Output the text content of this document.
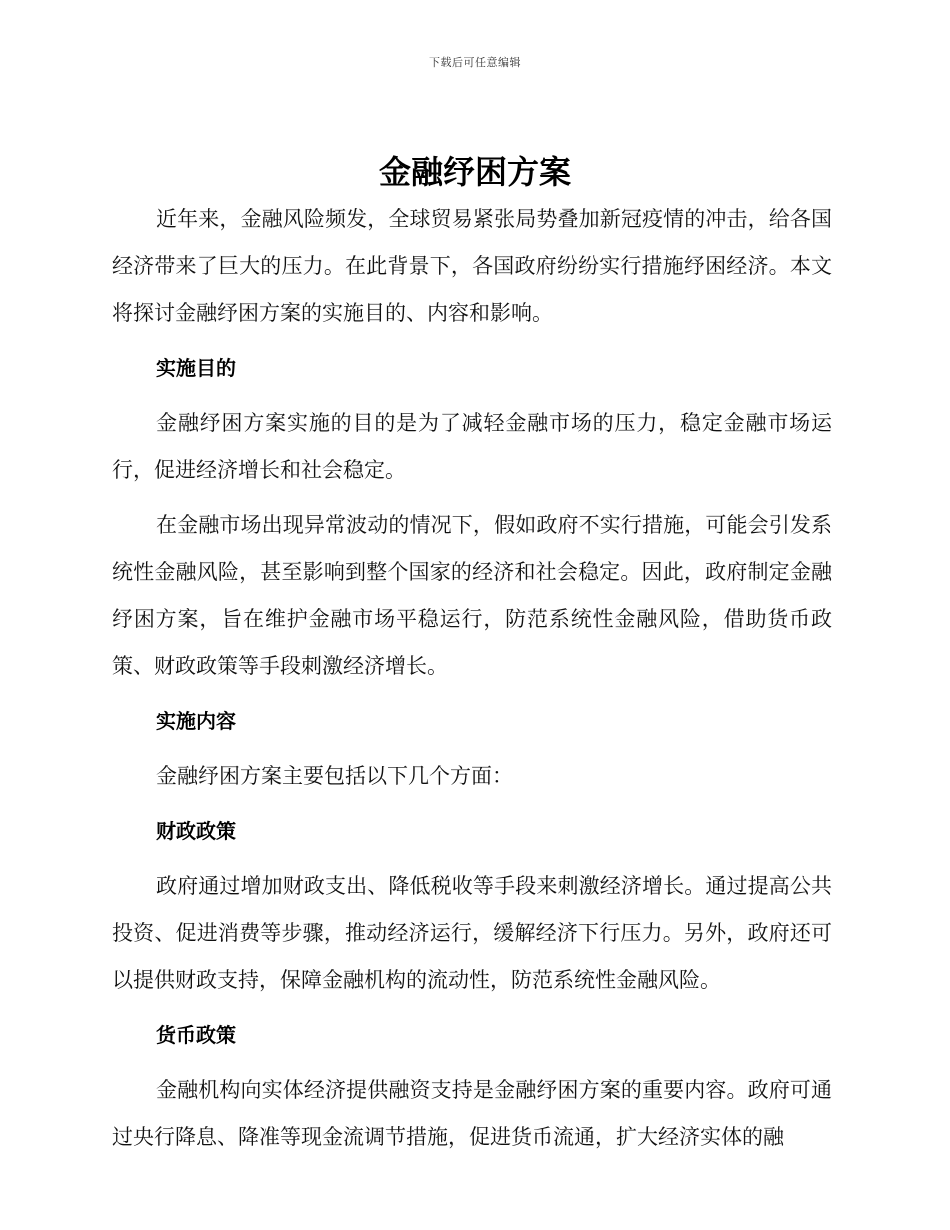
下载后可任意编辑
金融纾困方案

近年来，金融风险频发，全球贸易紧张局势叠加新冠疫情的冲击，给各国经济带来了巨大的压力。在此背景下，各国政府纷纷实行措施纾困经济。本文将探讨金融纾困方案的实施目的、内容和影响。

实施目的

金融纾困方案实施的目的是为了减轻金融市场的压力，稳定金融市场运行，促进经济增长和社会稳定。

在金融市场出现异常波动的情况下，假如政府不实行措施，可能会引发系统性金融风险，甚至影响到整个国家的经济和社会稳定。因此，政府制定金融纾困方案，旨在维护金融市场平稳运行，防范系统性金融风险，借助货币政策、财政政策等手段刺激经济增长。

实施内容

金融纾困方案主要包括以下几个方面：

财政政策

政府通过增加财政支出、降低税收等手段来刺激经济增长。通过提高公共投资、促进消费等步骤，推动经济运行，缓解经济下行压力。另外，政府还可以提供财政支持，保障金融机构的流动性，防范系统性金融风险。

货币政策

金融机构向实体经济提供融资支持是金融纾困方案的重要内容。政府可通过央行降息、降准等现金流调节措施，促进货币流通，扩大经济实体的融
